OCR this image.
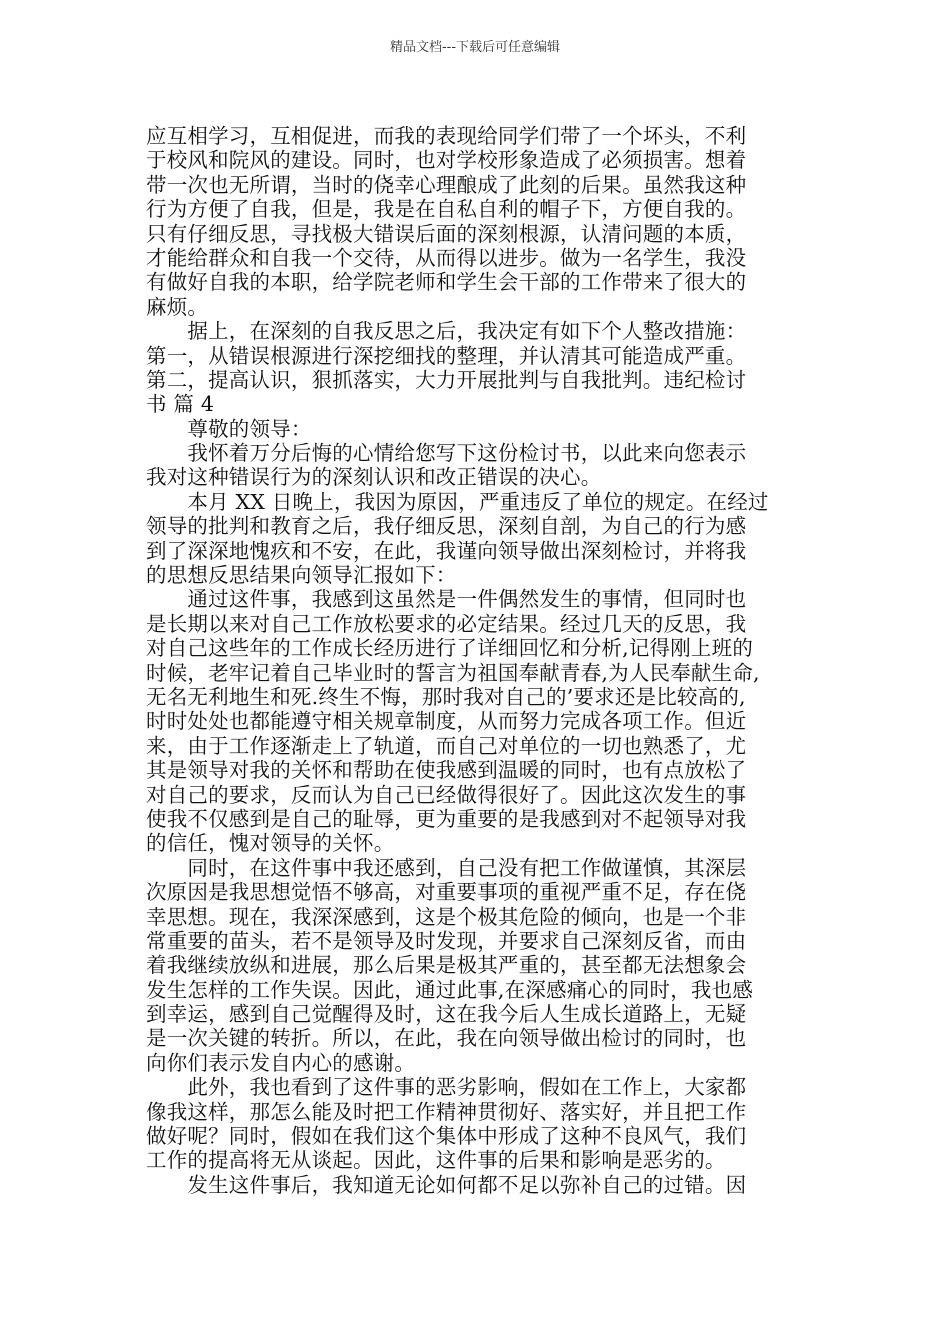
精品文档---下载后可任意编辑
应互相学习，互相促进，而我的表现给同学们带了一个坏头，不利
于校风和院风的建设。同时，也对学校形象造成了必须损害。想着
带一次也无所谓，当时的侥幸心理酿成了此刻的后果。虽然我这种
行为方便了自我，但是，我是在自私自利的帽子下，方便自我的。
只有仔细反思，寻找极大错误后面的深刻根源，认清问题的本质，
才能给群众和自我一个交待，从而得以进步。做为一名学生，我没
有做好自我的本职，给学院老师和学生会干部的工作带来了很大的
麻烦。
　　据上，在深刻的自我反思之后，我决定有如下个人整改措施：
第一，从错误根源进行深挖细找的整理，并认清其可能造成严重。
第二，提高认识，狠抓落实，大力开展批判与自我批判。违纪检讨
书 篇 4
　　尊敬的领导：
　　我怀着万分后悔的心情给您写下这份检讨书，以此来向您表示
我对这种错误行为的深刻认识和改正错误的决心。
　　本月 XX 日晚上，我因为原因，严重违反了单位的规定。在经过
领导的批判和教育之后，我仔细反思，深刻自剖，为自己的行为感
到了深深地愧疚和不安，在此，我谨向领导做出深刻检讨，并将我
的思想反思结果向领导汇报如下：
　　通过这件事，我感到这虽然是一件偶然发生的事情，但同时也
是长期以来对自己工作放松要求的必定结果。经过几天的反思，我
对自己这些年的工作成长经历进行了详细回忆和分析,记得刚上班的
时候，老牢记着自己毕业时的誓言为祖国奉献青春,为人民奉献生命,
无名无利地生和死.终生不悔，那时我对自己的’要求还是比较高的,
时时处处也都能遵守相关规章制度，从而努力完成各项工作。但近
来，由于工作逐渐走上了轨道，而自己对单位的一切也熟悉了，尤
其是领导对我的关怀和帮助在使我感到温暖的同时，也有点放松了
对自己的要求，反而认为自己已经做得很好了。因此这次发生的事
使我不仅感到是自己的耻辱，更为重要的是我感到对不起领导对我
的信任，愧对领导的关怀。
　　同时，在这件事中我还感到，自己没有把工作做谨慎，其深层
次原因是我思想觉悟不够高，对重要事项的重视严重不足，存在侥
幸思想。现在，我深深感到，这是个极其危险的倾向，也是一个非
常重要的苗头，若不是领导及时发现，并要求自己深刻反省，而由
着我继续放纵和进展，那么后果是极其严重的，甚至都无法想象会
发生怎样的工作失误。因此，通过此事,在深感痛心的同时，我也感
到幸运，感到自己觉醒得及时，这在我今后人生成长道路上，无疑
是一次关键的转折。所以，在此，我在向领导做出检讨的同时，也
向你们表示发自内心的感谢。
　　此外，我也看到了这件事的恶劣影响，假如在工作上，大家都
像我这样，那怎么能及时把工作精神贯彻好、落实好，并且把工作
做好呢？同时，假如在我们这个集体中形成了这种不良风气，我们
工作的提高将无从谈起。因此，这件事的后果和影响是恶劣的。
　　发生这件事后，我知道无论如何都不足以弥补自己的过错。因
